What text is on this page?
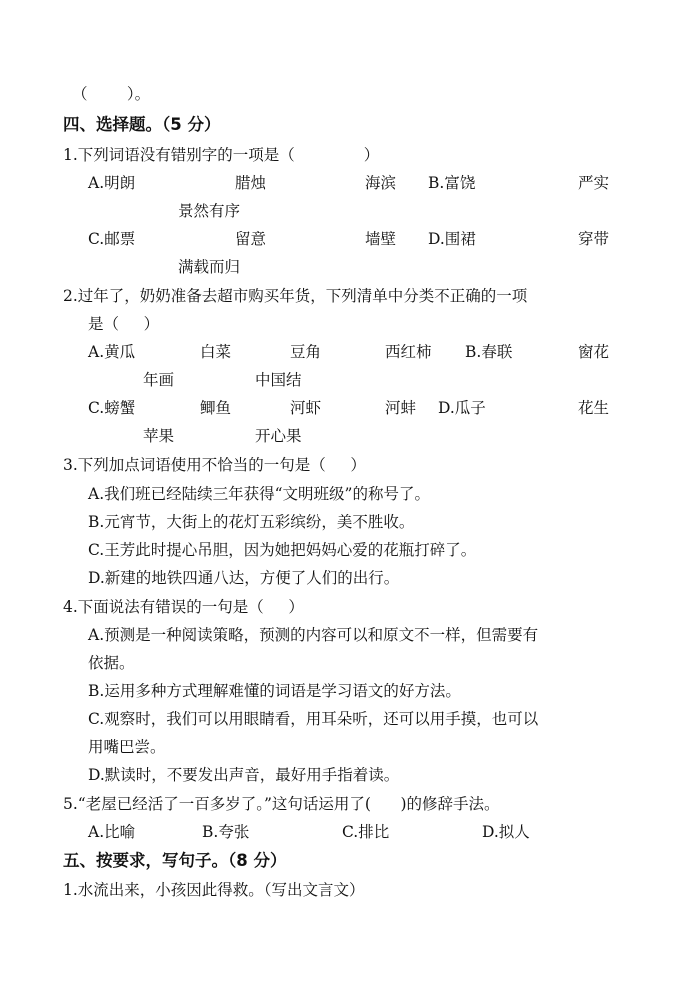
（        ）。
四、选择题。（5 分）
1.下列词语没有错别字的一项是（              ）
A.明朗	腊烛	海滨 B.富饶	严实
景然有序
C.邮票	留意	墙壁 D.围裙	穿带
满载而归
2.过年了，奶奶准备去超市购买年货，下列清单中分类不正确的一项
是（     ）
A.黄瓜	白菜	豆角	西红柿 B.春联	窗花
年画	中国结
C.螃蟹	鲫鱼	河虾	河蚌 D.瓜子	花生
苹果	开心果
3.下列加点词语使用不恰当的一句是（     ）
A.我们班已经陆续三年获得“文明班级”的称号了。
B.元宵节，大街上的花灯五彩缤纷，美不胜收。
C.王芳此时提心吊胆，因为她把妈妈心爱的花瓶打碎了。
D.新建的地铁四通八达，方便了人们的出行。
4.下面说法有错误的一句是（     ）
A.预测是一种阅读策略，预测的内容可以和原文不一样，但需要有
依据。
B.运用多种方式理解难懂的词语是学习语文的好方法。
C.观察时，我们可以用眼睛看，用耳朵听，还可以用手摸，也可以
用嘴巴尝。
D.默读时，不要发出声音，最好用手指着读。
5.“老屋已经活了一百多岁了。”这句话运用了(      )的修辞手法。
A.比喻	B.夸张	C.排比	D.拟人
五、按要求，写句子。（8 分）
1.水流出来，小孩因此得救。（写出文言文）
